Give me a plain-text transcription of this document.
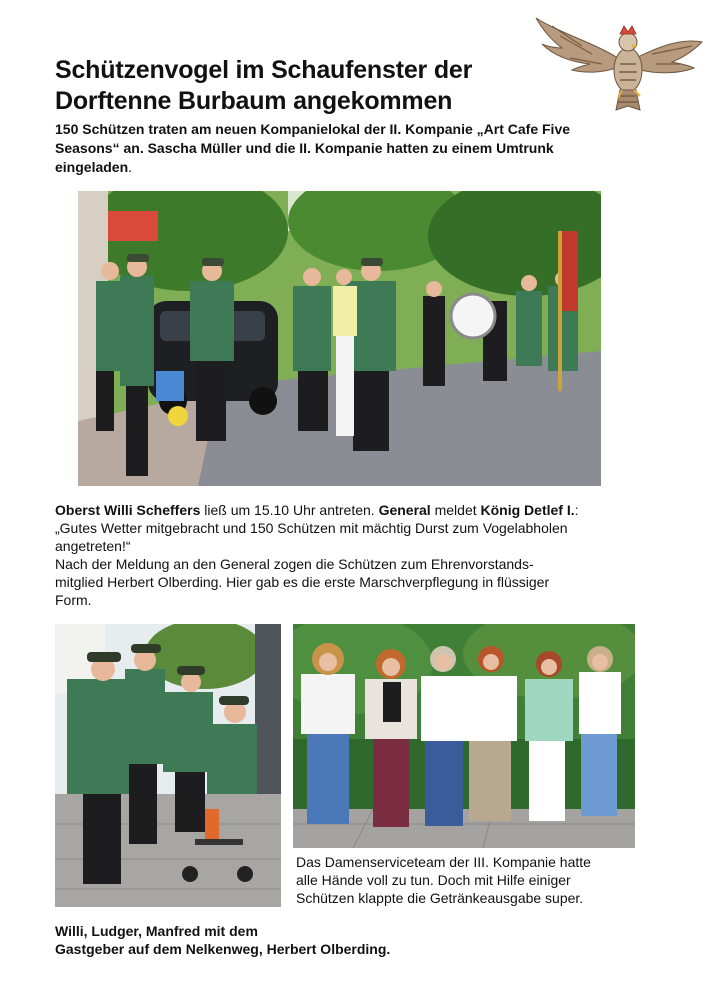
Schützenvogel im Schaufenster der
Dorftenne Burbaum angekommen
150 Schützen traten am neuen Kompanielokal der II. Kompanie „Art Cafe Five
Seasons“ an. Sascha Müller und die II. Kompanie hatten zu einem Umtrunk
eingeladen.
Oberst Willi Scheffers ließ um 15.10 Uhr antreten. General meldet König Detlef I.:
„Gutes Wetter mitgebracht und 150 Schützen mit mächtig Durst zum Vogelabholen
angetreten!“
Nach der Meldung an den General zogen die Schützen zum Ehrenvorstands-
mitglied Herbert Olberding. Hier gab es die erste Marschverpflegung in flüssiger
Form.
Das Damenserviceteam der III. Kompanie hatte
alle Hände voll zu tun. Doch mit Hilfe einiger
Schützen klappte die Getränkeausgabe super.
Willi, Ludger, Manfred mit dem
Gastgeber auf dem Nelkenweg, Herbert Olberding.
